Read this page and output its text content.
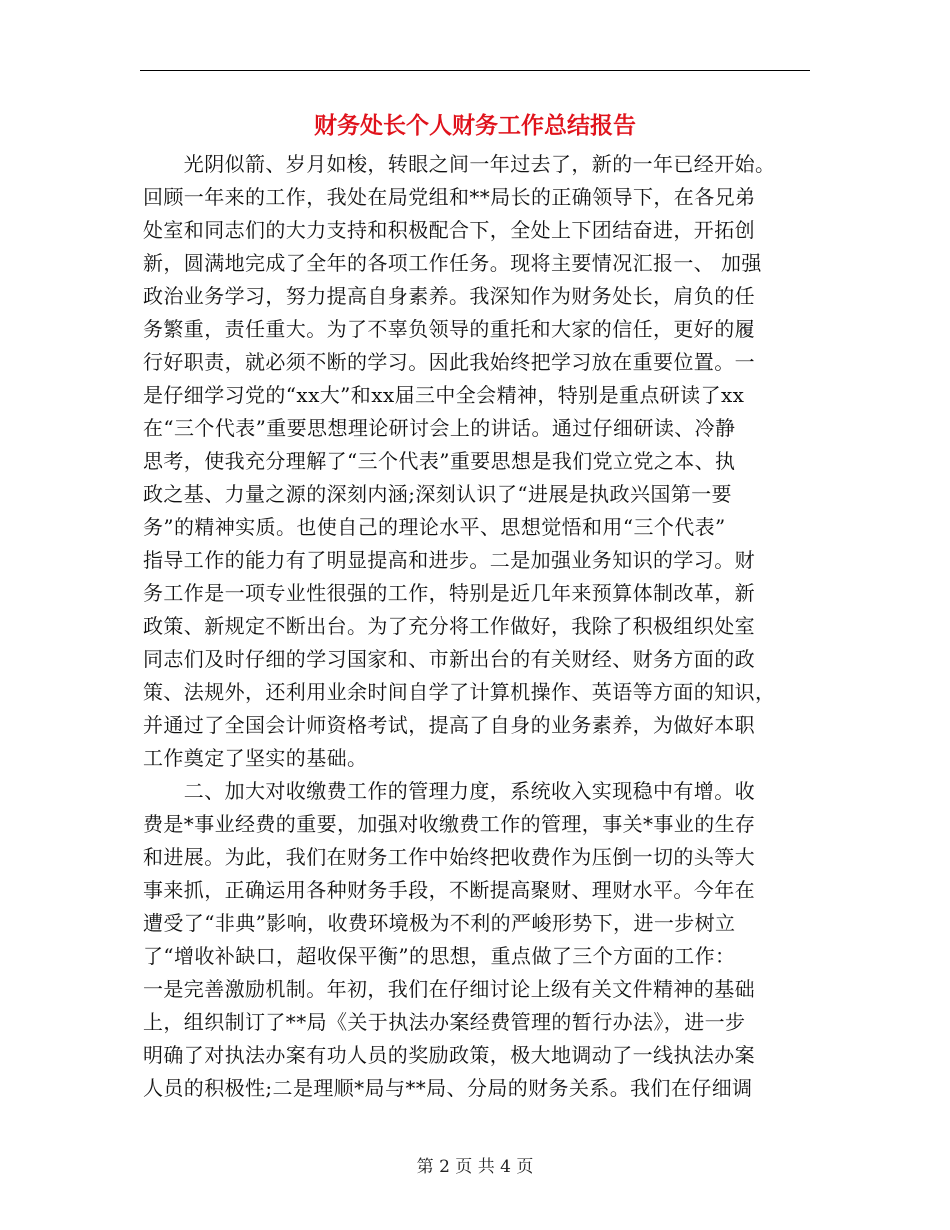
财务处长个人财务工作总结报告
　　光阴似箭、岁月如梭，转眼之间一年过去了，新的一年已经开始。
回顾一年来的工作，我处在局党组和**局长的正确领导下，在各兄弟
处室和同志们的大力支持和积极配合下，全处上下团结奋进，开拓创
新，圆满地完成了全年的各项工作任务。现将主要情况汇报一、 加强
政治业务学习，努力提高自身素养。我深知作为财务处长，肩负的任
务繁重，责任重大。为了不辜负领导的重托和大家的信任，更好的履
行好职责，就必须不断的学习。因此我始终把学习放在重要位置。一
是仔细学习党的“xx大”和xx届三中全会精神，特别是重点研读了xx
在“三个代表”重要思想理论研讨会上的讲话。通过仔细研读、冷静
思考，使我充分理解了“三个代表”重要思想是我们党立党之本、执
政之基、力量之源的深刻内涵;深刻认识了“进展是执政兴国第一要
务”的精神实质。也使自己的理论水平、思想觉悟和用“三个代表”
指导工作的能力有了明显提高和进步。二是加强业务知识的学习。财
务工作是一项专业性很强的工作，特别是近几年来预算体制改革，新
政策、新规定不断出台。为了充分将工作做好，我除了积极组织处室
同志们及时仔细的学习国家和、市新出台的有关财经、财务方面的政
策、法规外，还利用业余时间自学了计算机操作、英语等方面的知识，
并通过了全国会计师资格考试，提高了自身的业务素养，为做好本职
工作奠定了坚实的基础。
　　二、加大对收缴费工作的管理力度，系统收入实现稳中有增。收
费是*事业经费的重要，加强对收缴费工作的管理，事关*事业的生存
和进展。为此，我们在财务工作中始终把收费作为压倒一切的头等大
事来抓，正确运用各种财务手段，不断提高聚财、理财水平。今年在
遭受了“非典”影响，收费环境极为不利的严峻形势下，进一步树立
了“增收补缺口，超收保平衡”的思想，重点做了三个方面的工作：
一是完善激励机制。年初，我们在仔细讨论上级有关文件精神的基础
上，组织制订了**局《关于执法办案经费管理的暂行办法》，进一步
明确了对执法办案有功人员的奖励政策，极大地调动了一线执法办案
人员的积极性;二是理顺*局与**局、分局的财务关系。我们在仔细调
第 2 页 共 4 页
